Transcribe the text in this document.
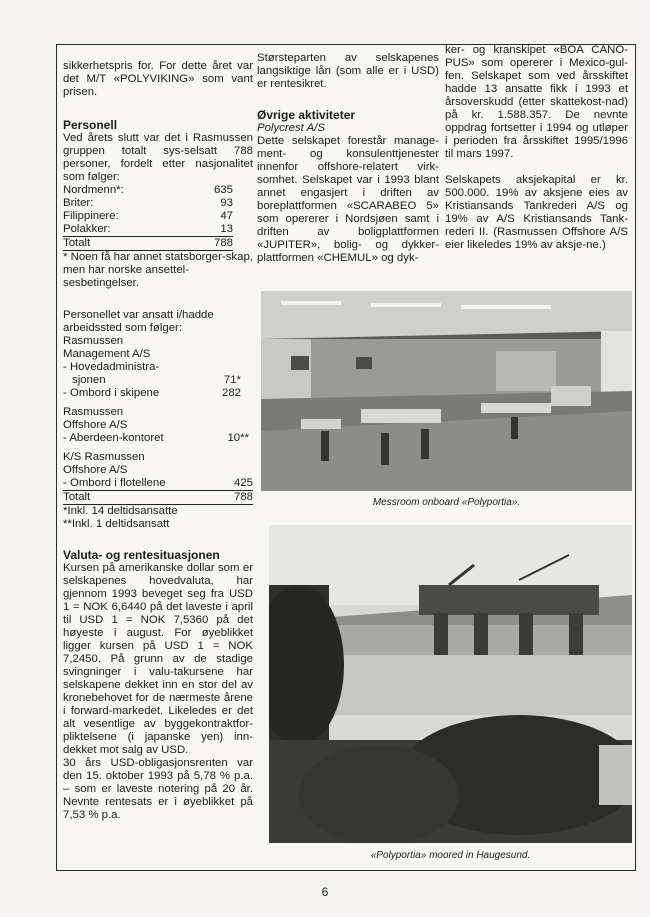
sikkerhetspris for. For dette året var det M/T «POLYVIKING» som vant prisen.

Personell

Ved årets slutt var det i Rasmussen gruppen totalt sys-selsatt 788 personer, fordelt etter nasjonalitet som følger:

Nordmenn*:	635
Briter:	93
Filippinere:	47
Polakker:	13
Totalt	788

* Noen få har annet statsborger-skap, men har norske ansettel-sesbetingelser.

Personellet var ansatt i/hadde arbeidssted som følger:

Rasmussen
Management A/S
- Hovedadministra-
sjonen	71*
- Ombord i skipene	282
Rasmussen
Offshore A/S
- Aberdeen-kontoret	10**
K/S Rasmussen
Offshore A/S
- Ombord i flotellene	425
Totalt	788
*Inkl. 14 deltidsansatte
**Inkl. 1 deltidsansatt
Valuta- og rentesituasjonen

Kursen på amerikanske dollar som er selskapenes hovedvaluta, har gjennom 1993 beveget seg fra USD 1 = NOK 6,6440 på det laveste i april til USD 1 = NOK 7,5360 på det høyeste i august. For øyeblikket ligger kursen på USD 1 = NOK 7,2450. På grunn av de stadige svingninger i valu-takursene har selskapene dekket inn en stor del av kronebehovet for de nærmeste årene i forward-markedet. Likeledes er det alt vesentlige av byggekontraktfor-pliktelsene (i japanske yen) inn-dekket mot salg av USD.

30 års USD-obligasjonsrenten var den 15. oktober 1993 på 5,78 % p.a. – som er laveste notering på 20 år. Nevnte rentesats er i øyeblikket på 7,53 % p.a.

Størsteparten av selskapenes langsiktige lån (som alle er i USD) er rentesikret.

Øvrige aktiviteter

Polycrest A/S

Dette selskapet forestår manage-ment- og konsulenttjenester innenfor offshore-relatert virk-somhet. Selskapet var i 1993 blant annet engasjert i driften av boreplattformen «SCARABEO 5» som opererer i Nordsjøen samt i driften av boligplattformen «JUPITER», bolig- og dykker-plattformen «CHEMUL» og dyk-

ker- og kranskipet «BOA CANO-PUS» som opererer i Mexico-gul-fen. Selskapet som ved årsskiftet hadde 13 ansatte fikk i 1993 et årsoverskudd (etter skattekost-nad) på kr. 1.588.357. De nevnte oppdrag fortsetter i 1994 og utløper i perioden fra årsskiftet 1995/1996 til mars 1997.

Selskapets aksjekapital er kr. 500.000. 19% av aksjene eies av Kristiansands Tankrederi A/S og 19% av A/S Kristiansands Tank-rederi II. (Rasmussen Offshore A/S eier likeledes 19% av aksje-ne.)

Messroom onboard «Polyportia».
«Polyportia» moored in Haugesund.
6
